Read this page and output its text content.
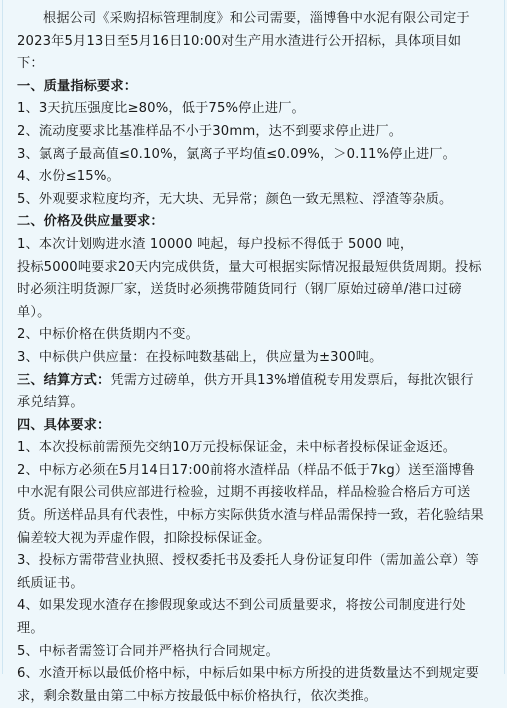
根据公司《采购招标管理制度》和公司需要，淄博鲁中水泥有限公司定于

2023年5月13日至5月16日10:00对生产用水渣进行公开招标，具体项目如

下：

一、质量指标要求：

1、3天抗压强度比≥80%，低于75%停止进厂。

2、流动度要求比基准样品不小于30mm，达不到要求停止进厂。

3、氯离子最高值≤0.10%，氯离子平均值≤0.09%，＞0.11%停止进厂。

4、水份≤15%。

5、外观要求粒度均齐，无大块、无异常；颜色一致无黑粒、浮渣等杂质。

二、价格及供应量要求：

1、本次计划购进水渣 10000 吨起，每户投标不得低于 5000 吨，

投标5000吨要求20天内完成供货，量大可根据实际情况报最短供货周期。投标

时必须注明货源厂家，送货时必须携带随货同行（钢厂原始过磅单/港口过磅

单）。

2、中标价格在供货期内不变。

3、中标供户供应量：在投标吨数基础上，供应量为±300吨。

三、结算方式：凭需方过磅单，供方开具13%增值税专用发票后，每批次银行

承兑结算。

四、具体要求：

1、本次投标前需预先交纳10万元投标保证金，未中标者投标保证金返还。

2、中标方必须在5月14日17:00前将水渣样品（样品不低于7kg）送至淄博鲁

中水泥有限公司供应部进行检验，过期不再接收样品，样品检验合格后方可送

货。所送样品具有代表性，中标方实际供货水渣与样品需保持一致，若化验结果

偏差较大视为弄虚作假，扣除投标保证金。

3、投标方需带营业执照、授权委托书及委托人身份证复印件（需加盖公章）等

纸质证书。

4、如果发现水渣存在掺假现象或达不到公司质量要求，将按公司制度进行处

理。

5、中标者需签订合同并严格执行合同规定。

6、水渣开标以最低价格中标，中标后如果中标方所投的进货数量达不到规定要

求，剩余数量由第二中标方按最低中标价格执行，依次类推。
